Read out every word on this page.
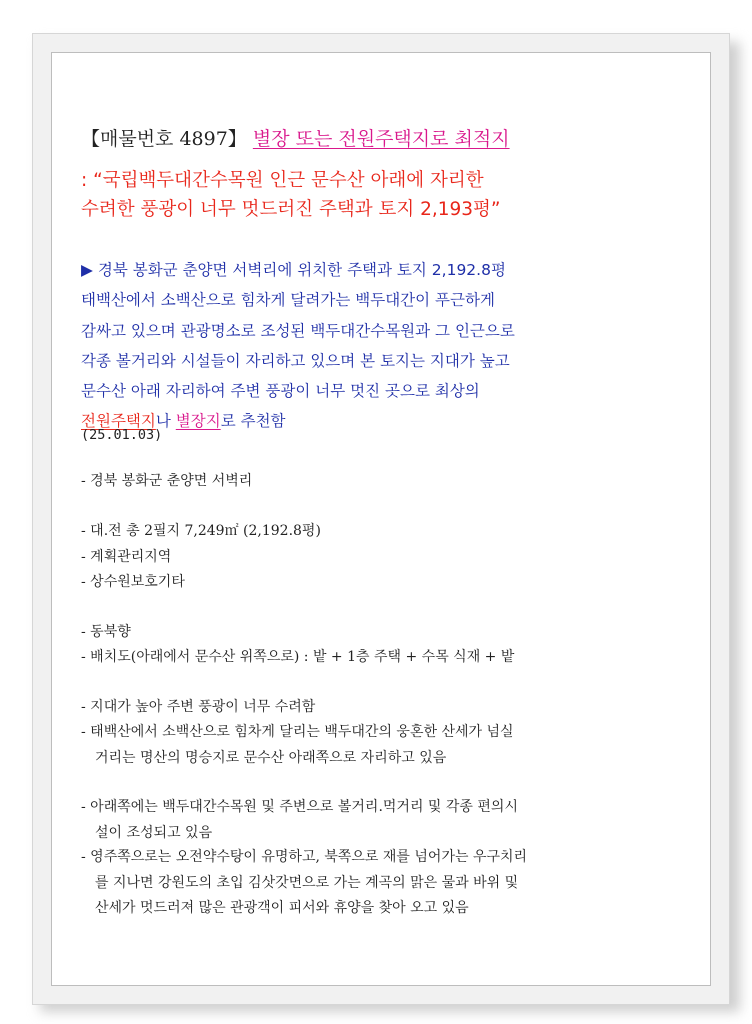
【매물번호 4897】 별장 또는 전원주택지로 최적지
: “국립백두대간수목원 인근 문수산 아래에 자리한
수려한 풍광이 너무 멋드러진 주택과 토지 2,193평”
▶ 경북 봉화군 춘양면 서벽리에 위치한 주택과 토지 2,192.8평
태백산에서 소백산으로 힘차게 달려가는 백두대간이 푸근하게
감싸고 있으며 관광명소로 조성된 백두대간수목원과 그 인근으로
각종 볼거리와 시설들이 자리하고 있으며 본 토지는 지대가 높고
문수산 아래 자리하여 주변 풍광이 너무 멋진 곳으로 최상의
전원주택지나 별장지로 추천함
(25.01.03)
- 경북 봉화군 춘양면 서벽리
- 대.전 총 2필지 7,249㎡ (2,192.8평)
- 계획관리지역
- 상수원보호기타
- 동북향
- 배치도(아래에서 문수산 위쪽으로) : 밭 + 1층 주택 + 수목 식재 + 밭
- 지대가 높아 주변 풍광이 너무 수려함
- 태백산에서 소백산으로 힘차게 달리는 백두대간의 웅혼한 산세가 넘실
거리는 명산의 명승지로 문수산 아래쪽으로 자리하고 있음
- 아래쪽에는 백두대간수목원 및 주변으로 볼거리.먹거리 및 각종 편의시
설이 조성되고 있음
- 영주쪽으로는 오전약수탕이 유명하고, 북쪽으로 재를 넘어가는 우구치리
를 지나면 강원도의 초입 김삿갓면으로 가는 계곡의 맑은 물과 바위 및
산세가 멋드러져 많은 관광객이 피서와 휴양을 찾아 오고 있음
